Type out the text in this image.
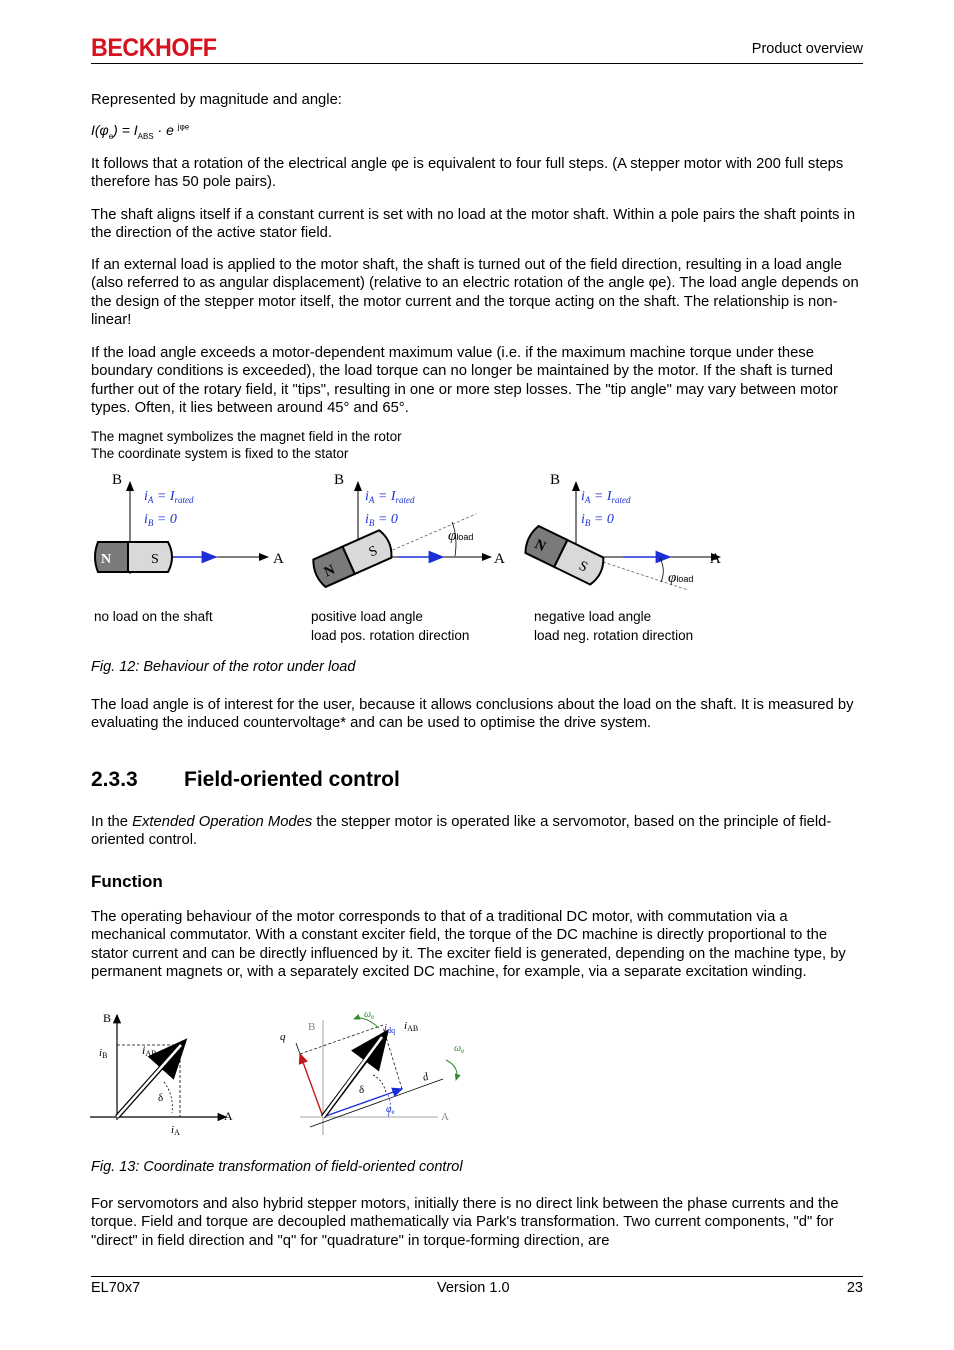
BECKHOFF	Product overview

Represented by magnitude and angle:

$I(\varphi_e) = I_{ABS} \cdot e$ $^{j\varphi e}$

It follows that a rotation of the electrical angle φe is equivalent to four full steps. (A stepper motor with 200 full steps therefore has 50 pole pairs).

The shaft aligns itself if a constant current is set with no load at the motor shaft. Within a pole pairs the shaft points in the direction of the active stator field.

If an external load is applied to the motor shaft, the shaft is turned out of the field direction, resulting in a load angle (also referred to as angular displacement) (relative to an electric rotation of the angle φe). The load angle depends on the design of the stepper motor itself, the motor current and the torque acting on the shaft. The relationship is non-linear!

If the load angle exceeds a motor-dependent maximum value (i.e. if the maximum machine torque under these boundary conditions is exceeded), the load torque can no longer be maintained by the motor. If the shaft is turned further out of the rotary field, it "tips", resulting in one or more step losses. The "tip angle" may vary between motor types. Often, it lies between around 45° and 65°.

The magnet symbolizes the magnet field in the rotor
The coordinate system is fixed to the stator
B
A
$i_A = I_{rated}$
$i_B = 0$
N	S
B
A
φload
$i_A = I_{rated}$
$i_B = 0$
N
S
B
A
φload
$i_A = I_{rated}$
$i_B = 0$
N
S
no load on the shaft	positive load angle
load pos. rotation direction
negative load angle
load neg. rotation direction
Fig. 12: Behaviour of the rotor under load

The load angle is of interest for the user, because it allows conclusions about the load on the shaft. It is measured by evaluating the induced countervoltage* and can be used to optimise the drive system.

2.3.3 Field-oriented control

In the Extended Operation Modes the stepper motor is operated like a servomotor, based on the principle of field-oriented control.

Function

The operating behaviour of the motor corresponds to that of a traditional DC motor, with commutation via a mechanical commutator. With a constant exciter field, the torque of the DC machine is directly proportional to the stator current and can be directly influenced by it. The exciter field is generated, depending on the machine type, by permanent magnets or, with a separately excited DC machine, for example, via a separate excitation winding.

B
A
iB
iA
iAB
δ
B
A
q
d
$\omega_e$
$\omega_e$
idq iAB
δ
$\varphi_e$
Fig. 13: Coordinate transformation of field-oriented control

For servomotors and also hybrid stepper motors, initially there is no direct link between the phase currents and the torque. Field and torque are decoupled mathematically via Park's transformation. Two current components, "d" for "direct" in field direction and "q" for "quadrature" in torque-forming direction, are

EL70x7	Version 1.0	23
